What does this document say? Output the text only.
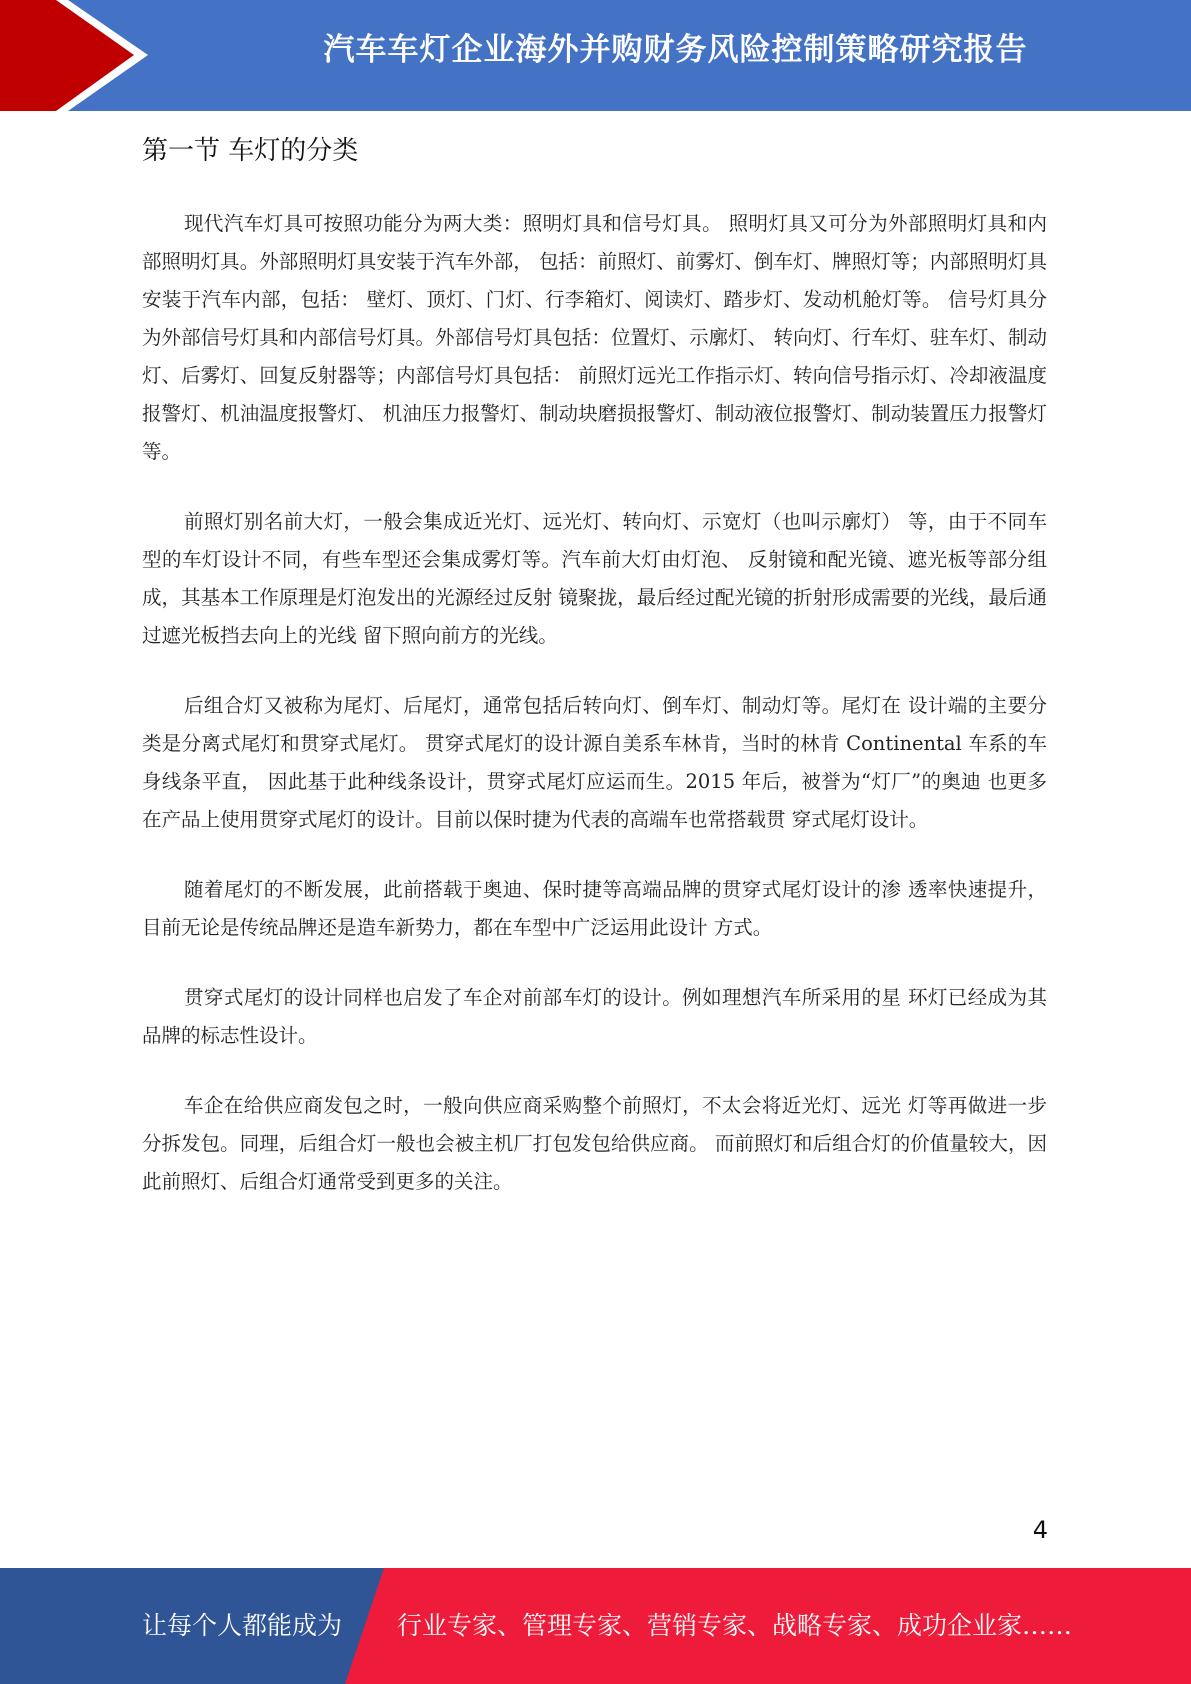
汽车车灯企业海外并购财务风险控制策略研究报告
第一节 车灯的分类

现代汽车灯具可按照功能分为两大类：照明灯具和信号灯具。 照明灯具又可分为外部照明灯具和内部照明灯具。外部照明灯具安装于汽车外部， 包括：前照灯、前雾灯、倒车灯、牌照灯等；内部照明灯具安装于汽车内部，包括： 壁灯、顶灯、门灯、行李箱灯、阅读灯、踏步灯、发动机舱灯等。 信号灯具分为外部信号灯具和内部信号灯具。外部信号灯具包括：位置灯、示廓灯、 转向灯、行车灯、驻车灯、制动灯、后雾灯、回复反射器等；内部信号灯具包括： 前照灯远光工作指示灯、转向信号指示灯、冷却液温度报警灯、机油温度报警灯、 机油压力报警灯、制动块磨损报警灯、制动液位报警灯、制动装置压力报警灯等。

前照灯别名前大灯，一般会集成近光灯、远光灯、转向灯、示宽灯（也叫示廓灯） 等，由于不同车型的车灯设计不同，有些车型还会集成雾灯等。汽车前大灯由灯泡、 反射镜和配光镜、遮光板等部分组成，其基本工作原理是灯泡发出的光源经过反射 镜聚拢，最后经过配光镜的折射形成需要的光线，最后通过遮光板挡去向上的光线 留下照向前方的光线。

后组合灯又被称为尾灯、后尾灯，通常包括后转向灯、倒车灯、制动灯等。尾灯在 设计端的主要分类是分离式尾灯和贯穿式尾灯。 贯穿式尾灯的设计源自美系车林肯，当时的林肯 Continental 车系的车身线条平直， 因此基于此种线条设计，贯穿式尾灯应运而生。2015 年后，被誉为“灯厂”的奥迪 也更多在产品上使用贯穿式尾灯的设计。目前以保时捷为代表的高端车也常搭载贯 穿式尾灯设计。

随着尾灯的不断发展，此前搭载于奥迪、保时捷等高端品牌的贯穿式尾灯设计的渗 透率快速提升，目前无论是传统品牌还是造车新势力，都在车型中广泛运用此设计 方式。

贯穿式尾灯的设计同样也启发了车企对前部车灯的设计。例如理想汽车所采用的星 环灯已经成为其品牌的标志性设计。

车企在给供应商发包之时，一般向供应商采购整个前照灯，不太会将近光灯、远光 灯等再做进一步分拆发包。同理，后组合灯一般也会被主机厂打包发包给供应商。 而前照灯和后组合灯的价值量较大，因此前照灯、后组合灯通常受到更多的关注。

4
让每个人都能成为 行业专家、管理专家、营销专家、战略专家、成功企业家……
